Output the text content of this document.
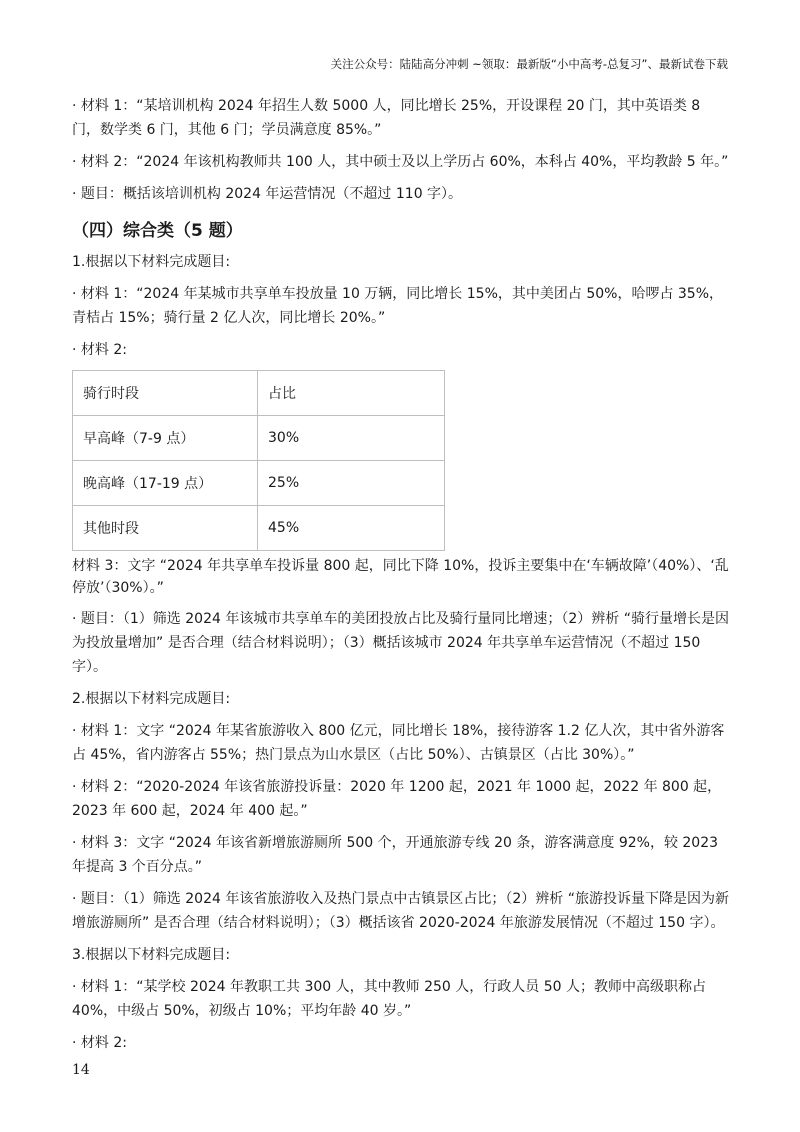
关注公众号：陆陆高分冲刺 ~领取：最新版“小中高考-总复习”、最新试卷下载

· 材料 1：“某培训机构 2024 年招生人数 5000 人，同比增长 25%，开设课程 20 门，其中英语类 8 门，数学类 6 门，其他 6 门；学员满意度 85%。”

· 材料 2：“2024 年该机构教师共 100 人，其中硕士及以上学历占 60%，本科占 40%，平均教龄 5 年。”

· 题目：概括该培训机构 2024 年运营情况（不超过 110 字）。

（四）综合类（5 题）

1.根据以下材料完成题目:

· 材料 1：“2024 年某城市共享单车投放量 10 万辆，同比增长 15%，其中美团占 50%，哈啰占 35%，青桔占 15%；骑行量 2 亿人次，同比增长 20%。”

· 材料 2:

骑行时段	占比
早高峰（7-9 点）	30%
晚高峰（17-19 点）	25%
其他时段	45%

材料 3：文字 “2024 年共享单车投诉量 800 起，同比下降 10%，投诉主要集中在‘车辆故障’（40%）、‘乱停放’（30%）。”

· 题目：（1）筛选 2024 年该城市共享单车的美团投放占比及骑行量同比增速；（2）辨析 “骑行量增长是因为投放量增加” 是否合理（结合材料说明）；（3）概括该城市 2024 年共享单车运营情况（不超过 150 字）。

2.根据以下材料完成题目:

· 材料 1：文字 “2024 年某省旅游收入 800 亿元，同比增长 18%，接待游客 1.2 亿人次，其中省外游客占 45%，省内游客占 55%；热门景点为山水景区（占比 50%）、古镇景区（占比 30%）。”

· 材料 2：“2020-2024 年该省旅游投诉量：2020 年 1200 起，2021 年 1000 起，2022 年 800 起，2023 年 600 起，2024 年 400 起。”

· 材料 3：文字 “2024 年该省新增旅游厕所 500 个，开通旅游专线 20 条，游客满意度 92%，较 2023 年提高 3 个百分点。”

· 题目：（1）筛选 2024 年该省旅游收入及热门景点中古镇景区占比；（2）辨析 “旅游投诉量下降是因为新增旅游厕所” 是否合理（结合材料说明）；（3）概括该省 2020-2024 年旅游发展情况（不超过 150 字）。

3.根据以下材料完成题目:

· 材料 1：“某学校 2024 年教职工共 300 人，其中教师 250 人，行政人员 50 人；教师中高级职称占 40%，中级占 50%，初级占 10%；平均年龄 40 岁。”

· 材料 2:

14
